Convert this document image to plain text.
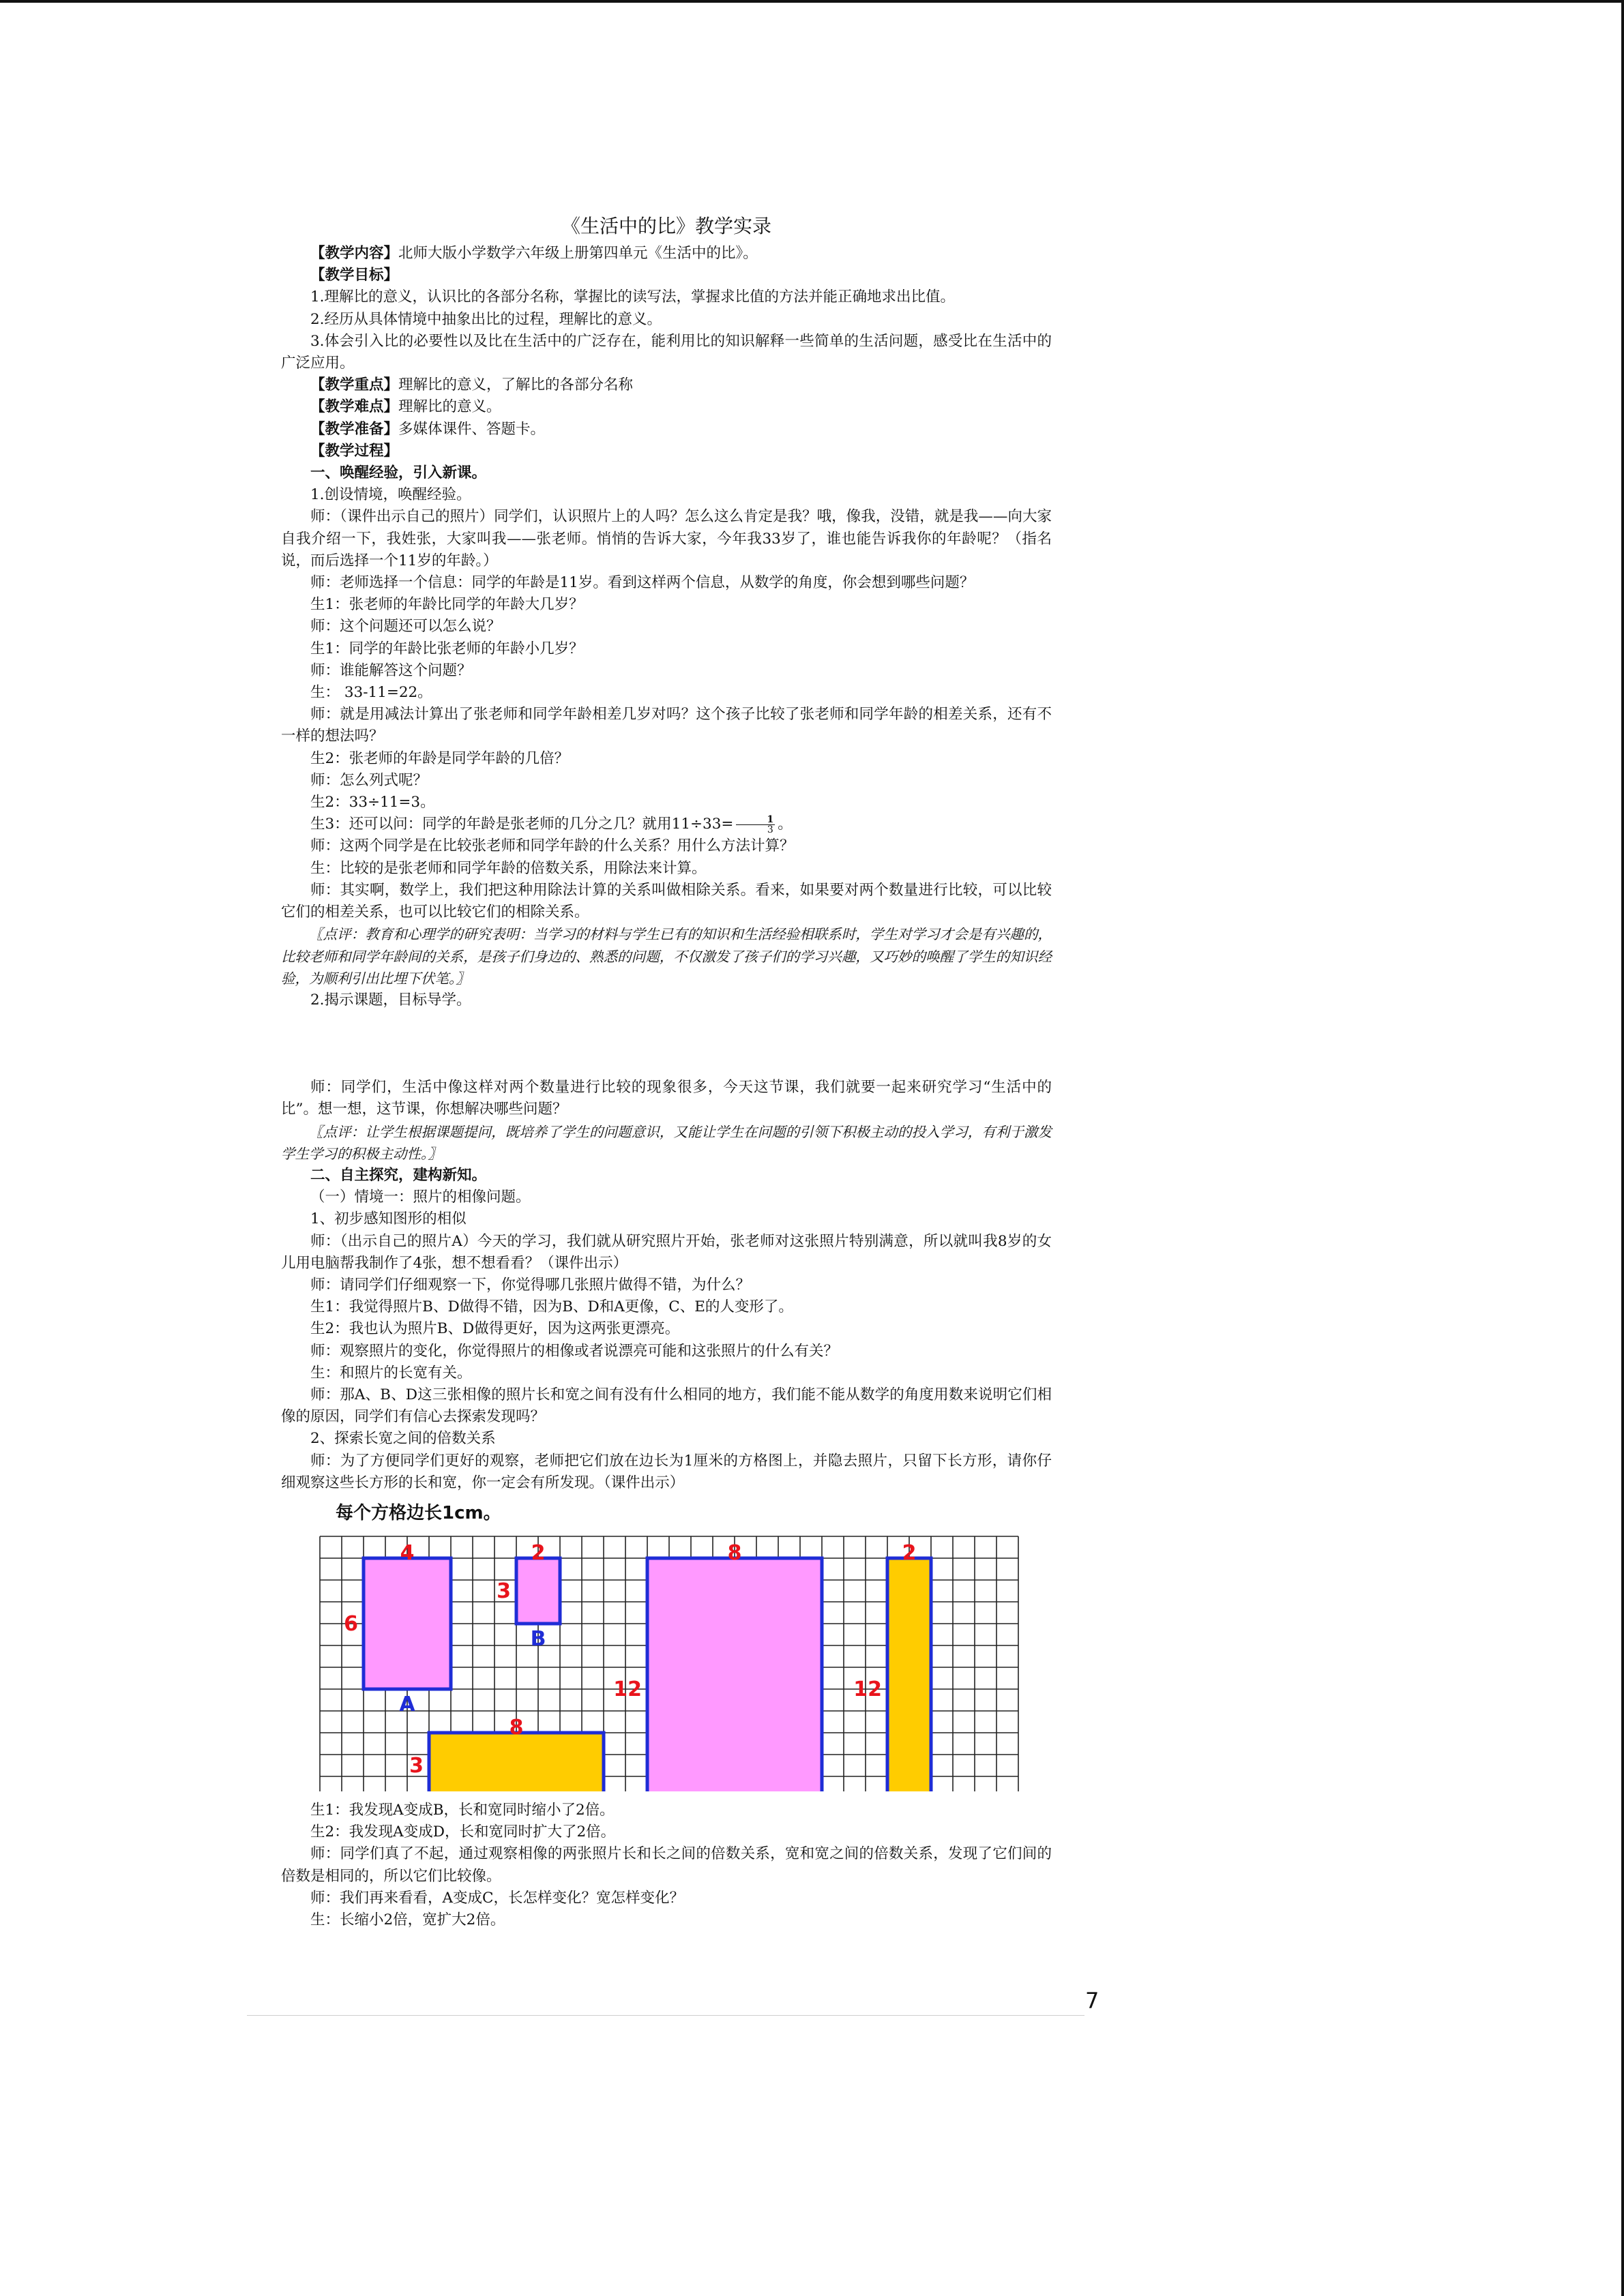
《生活中的比》教学实录

【教学内容】北师大版小学数学六年级上册第四单元《生活中的比》。

【教学目标】

1.理解比的意义，认识比的各部分名称，掌握比的读写法，掌握求比值的方法并能正确地求出比值。

2.经历从具体情境中抽象出比的过程，理解比的意义。

3.体会引入比的必要性以及比在生活中的广泛存在，能利用比的知识解释一些简单的生活问题，感受比在生活中的广泛应用。

【教学重点】理解比的意义，了解比的各部分名称

【教学难点】理解比的意义。

【教学准备】多媒体课件、答题卡。

【教学过程】

一、唤醒经验，引入新课。

1.创设情境，唤醒经验。

师：（课件出示自己的照片）同学们，认识照片上的人吗？怎么这么肯定是我？哦，像我，没错，就是我——向大家自我介绍一下，我姓张，大家叫我——张老师。悄悄的告诉大家，今年我33岁了，谁也能告诉我你的年龄呢？（指名说，而后选择一个11岁的年龄。）

师：老师选择一个信息：同学的年龄是11岁。看到这样两个信息，从数学的角度，你会想到哪些问题？

生1：张老师的年龄比同学的年龄大几岁？

师：这个问题还可以怎么说？

生1：同学的年龄比张老师的年龄小几岁？

师：谁能解答这个问题？

生： 33-11=22。

师：就是用减法计算出了张老师和同学年龄相差几岁对吗？这个孩子比较了张老师和同学年龄的相差关系，还有不一样的想法吗？

生2：张老师的年龄是同学年龄的几倍？

师：怎么列式呢？

生2：33÷11=3。

生3：还可以问：同学的年龄是张老师的几分之几？就用$11\div 33= \frac{1}{3}$ 。

师：这两个同学是在比较张老师和同学年龄的什么关系？用什么方法计算？

生：比较的是张老师和同学年龄的倍数关系，用除法来计算。

师：其实啊，数学上，我们把这种用除法计算的关系叫做相除关系。看来，如果要对两个数量进行比较，可以比较它们的相差关系，也可以比较它们的相除关系。

〖点评：教育和心理学的研究表明：当学习的材料与学生已有的知识和生活经验相联系时，学生对学习才会是有兴趣的，比较老师和同学年龄间的关系，是孩子们身边的、熟悉的问题，不仅激发了孩子们的学习兴趣，又巧妙的唤醒了学生的知识经验，为顺利引出比埋下伏笔。〗

2.揭示课题，目标导学。

师：同学们，生活中像这样对两个数量进行比较的现象很多，今天这节课，我们就要一起来研究学习“生活中的比”。想一想，这节课，你想解决哪些问题？

〖点评：让学生根据课题提问，既培养了学生的问题意识，又能让学生在问题的引领下积极主动的投入学习，有利于激发学生学习的积极主动性。〗

二、自主探究，建构新知。

（一）情境一：照片的相像问题。

1、初步感知图形的相似

师：（出示自己的照片A）今天的学习，我们就从研究照片开始，张老师对这张照片特别满意，所以就叫我8岁的女儿用电脑帮我制作了4张，想不想看看？（课件出示）

师：请同学们仔细观察一下，你觉得哪几张照片做得不错，为什么？

生1：我觉得照片B、D做得不错，因为B、D和A更像，C、E的人变形了。

生2：我也认为照片B、D做得更好，因为这两张更漂亮。

师：观察照片的变化，你觉得照片的相像或者说漂亮可能和这张照片的什么有关？

生：和照片的长宽有关。

师：那A、B、D这三张相像的照片长和宽之间有没有什么相同的地方，我们能不能从数学的角度用数来说明它们相像的原因，同学们有信心去探索发现吗？

2、探索长宽之间的倍数关系

师：为了方便同学们更好的观察，老师把它们放在边长为1厘米的方格图上，并隐去照片，只留下长方形，请你仔细观察这些长方形的长和宽，你一定会有所发现。（课件出示）

每个方格边长1cm。
4
6
A
2
3
B
8
3
8
12
2
12

生1：我发现A变成B，长和宽同时缩小了2倍。

生2：我发现A变成D，长和宽同时扩大了2倍。

师：同学们真了不起，通过观察相像的两张照片长和长之间的倍数关系，宽和宽之间的倍数关系，发现了它们间的倍数是相同的，所以它们比较像。

师：我们再来看看，A变成C，长怎样变化？宽怎样变化？

生：长缩小2倍，宽扩大2倍。

7
